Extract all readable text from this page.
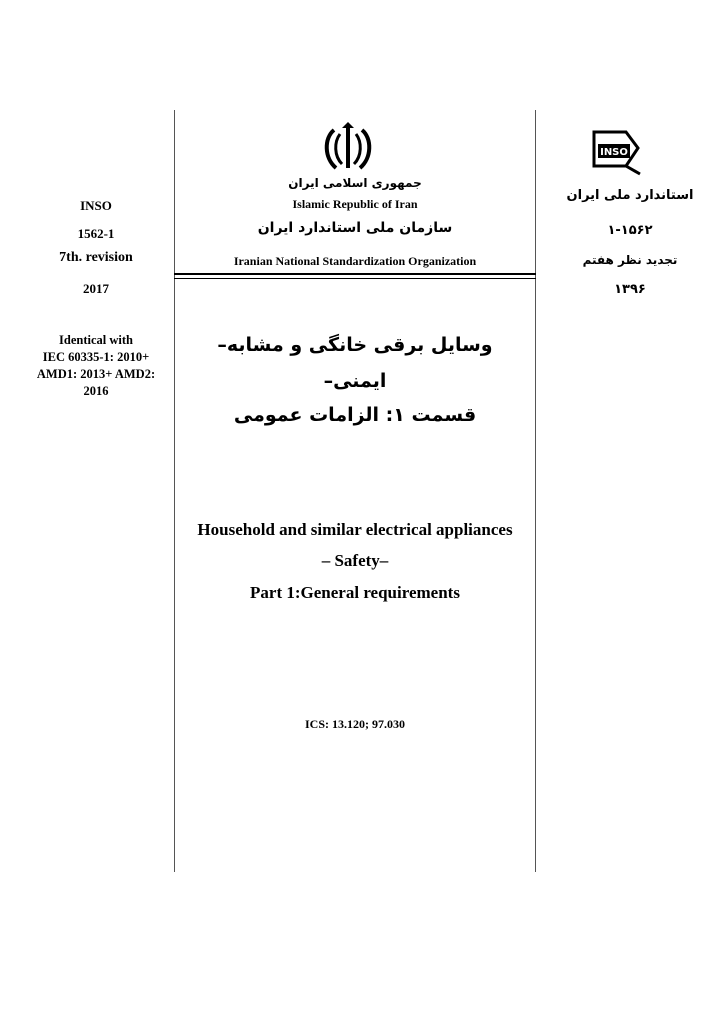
INSO
1562-1
7th. revision
2017
Identical with
IEC 60335-1: 2010+
AMD1: 2013+ AMD2:
2016
INSO
استاندارد ملی ایران
۱-۱۵۶۲
تجدید نظر هفتم
۱۳۹۶
جمهوری اسلامی ایران
Islamic Republic of Iran
سازمان ملی استاندارد ایران
Iranian National Standardization Organization
وسایل برقی خانگی و مشابه–
ایمنی–
قسمت ۱: الزامات عمومی
Household and similar electrical appliances
– Safety–
Part 1:General requirements
ICS: 13.120; 97.030
